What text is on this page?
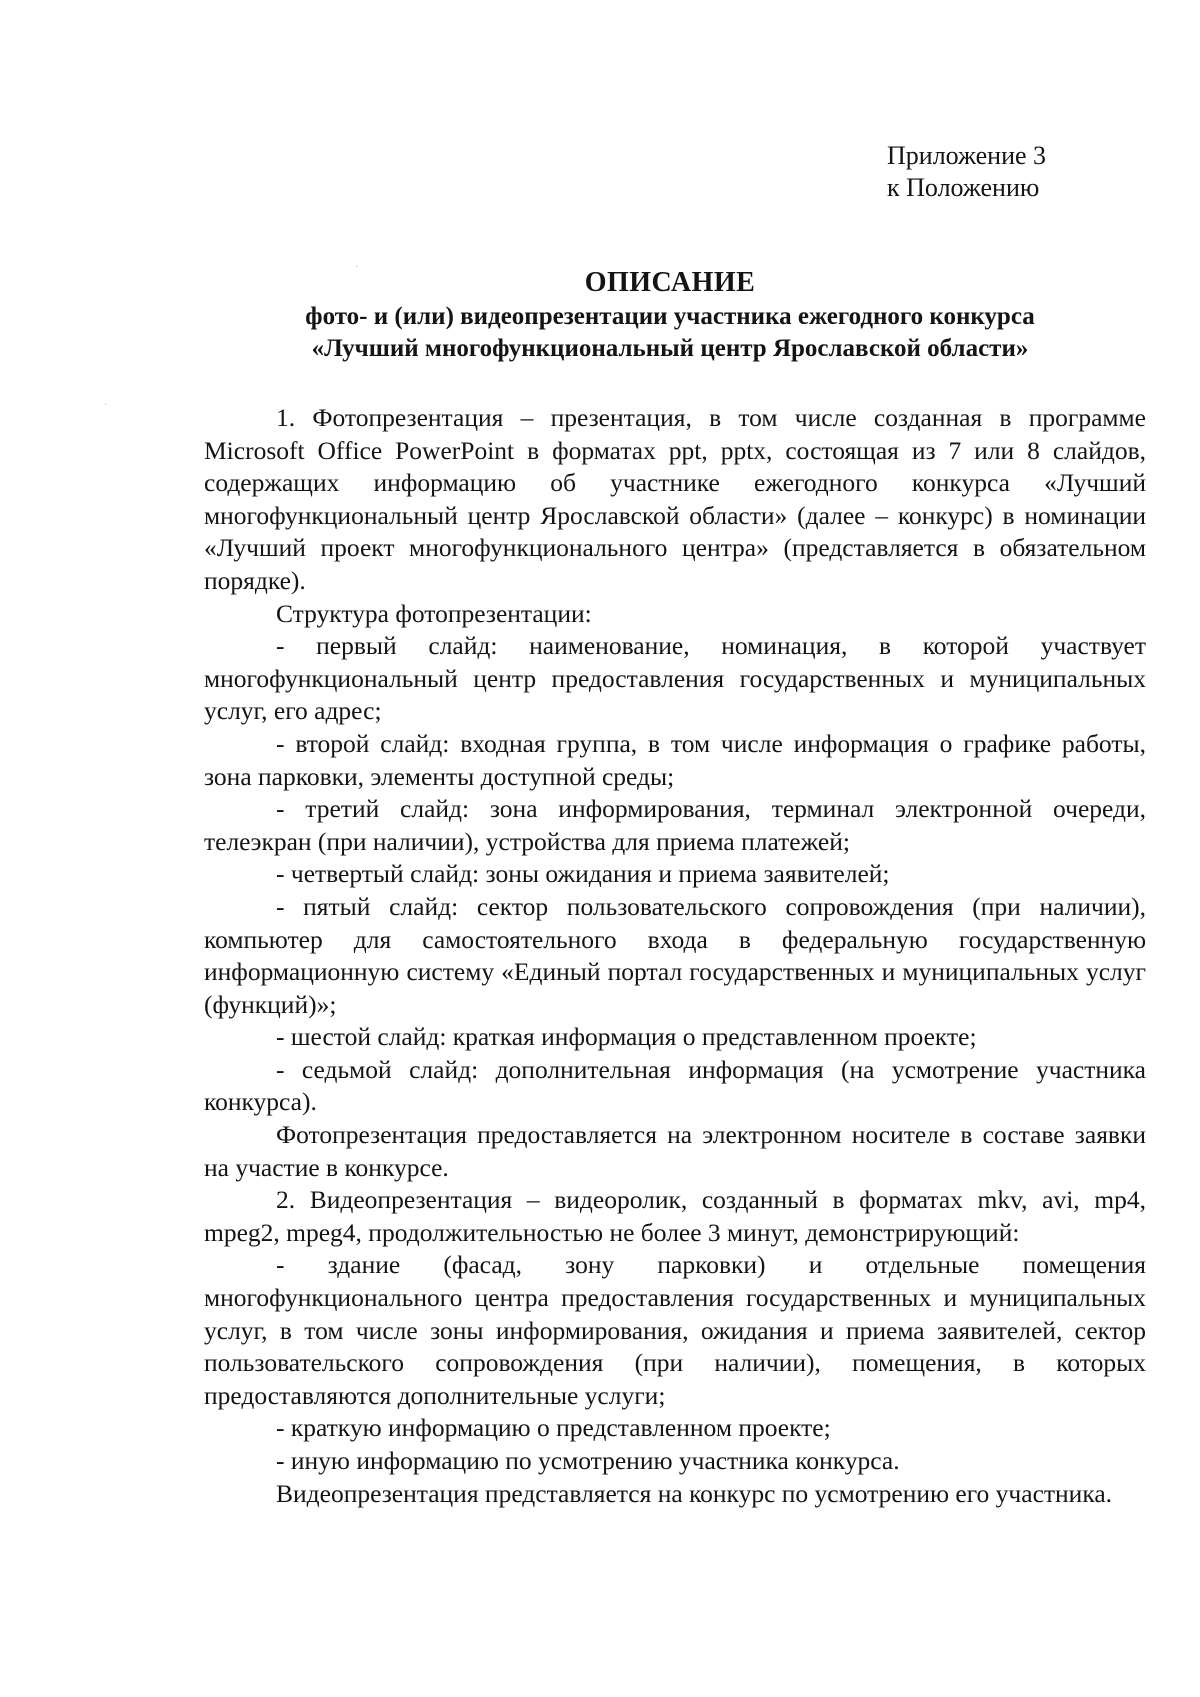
Приложение 3
к Положению
ОПИСАНИЕ
фото- и (или) видеопрезентации участника ежегодного конкурса
«Лучший многофункциональный центр Ярославской области»

1. Фотопрезентация – презентация, в том числе созданная в программе Microsoft Office PowerPoint в форматах ppt, pptx, состоящая из 7 или 8 слайдов, содержащих информацию об участнике ежегодного конкурса «Лучший многофункциональный центр Ярославской области» (далее – конкурс) в номинации «Лучший проект многофункционального центра» (представляется в обязательном порядке).

Структура фотопрезентации:

- первый слайд: наименование, номинация, в которой участвует многофункциональный центр предоставления государственных и муниципальных услуг, его адрес;

- второй слайд: входная группа, в том числе информация о графике работы, зона парковки, элементы доступной среды;

- третий слайд: зона информирования, терминал электронной очереди, телеэкран (при наличии), устройства для приема платежей;

- четвертый слайд: зоны ожидания и приема заявителей;

- пятый слайд: сектор пользовательского сопровождения (при наличии), компьютер для самостоятельного входа в федеральную государственную информационную систему «Единый портал государственных и муниципальных услуг (функций)»;

- шестой слайд: краткая информация о представленном проекте;

- седьмой слайд: дополнительная информация (на усмотрение участника конкурса).

Фотопрезентация предоставляется на электронном носителе в составе заявки на участие в конкурсе.

2. Видеопрезентация – видеоролик, созданный в форматах mkv, avi, mp4, mpeg2, mpeg4, продолжительностью не более 3 минут, демонстрирующий:

- здание (фасад, зону парковки) и отдельные помещения многофункционального центра предоставления государственных и муниципальных услуг, в том числе зоны информирования, ожидания и приема заявителей, сектор пользовательского сопровождения (при наличии), помещения, в которых предоставляются дополнительные услуги;

- краткую информацию о представленном проекте;

- иную информацию по усмотрению участника конкурса.

Видеопрезентация представляется на конкурс по усмотрению его участника.

·
·
